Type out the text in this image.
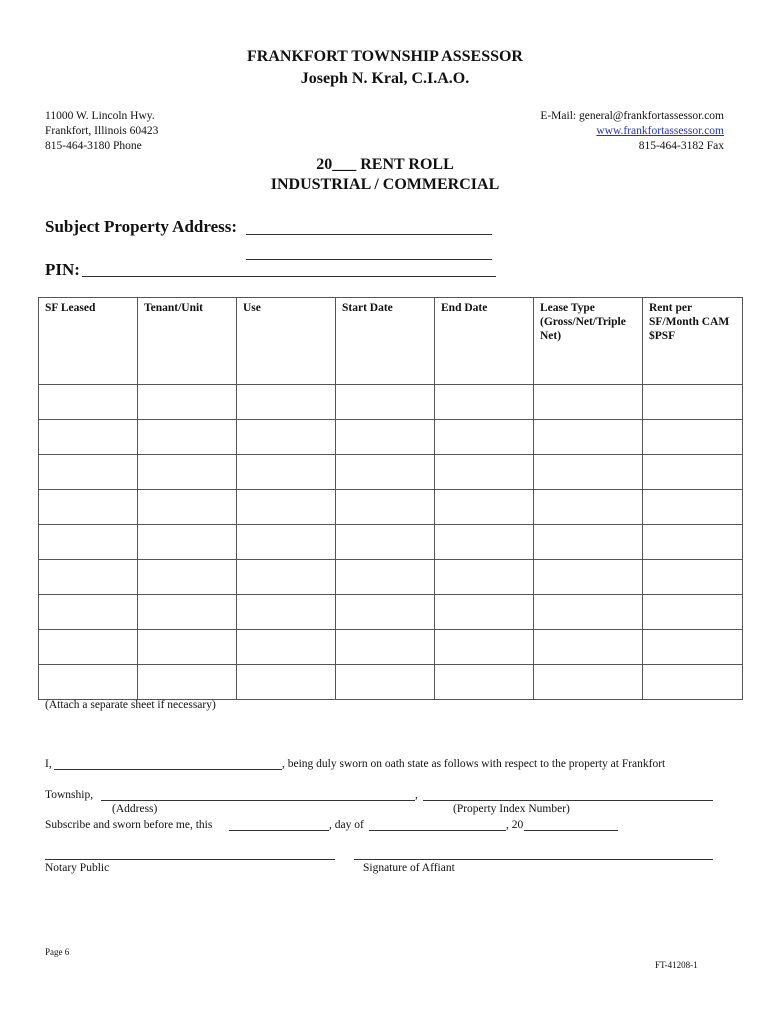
FRANKFORT TOWNSHIP ASSESSOR
Joseph N. Kral, C.I.A.O.
11000 W. Lincoln Hwy.
Frankfort, Illinois 60423
815-464-3180 Phone
E-Mail: general@frankfortassessor.com
www.frankfortassessor.com
815-464-3182 Fax
20___ RENT ROLL
INDUSTRIAL / COMMERCIAL
Subject Property Address:
PIN:
SF Leased	Tenant/Unit	Use	Start Date	End Date	Lease Type (Gross/Net/Triple Net)	Rent per SF/Month CAM $PSF

(Attach a separate sheet if necessary)
I,	, being duly sworn on oath state as follows with respect to the property at Frankfort
Township,	,
(Address)	(Property Index Number)
Subscribe and sworn before me, this	, day of	, 20
Notary Public	Signature of Affiant
Page 6
FT-41208-1
